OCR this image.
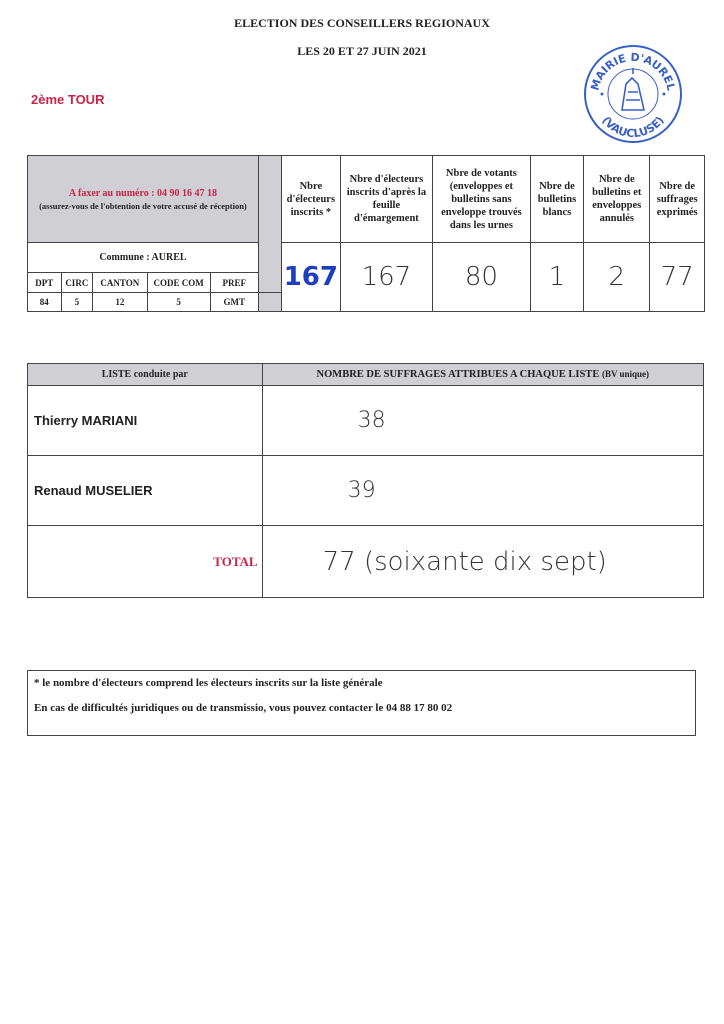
ELECTION DES CONSEILLERS REGIONAUX
LES 20 ET 27 JUIN 2021
2ème TOUR
MAIRIE D'AUREL
(VAUCLUSE)
A faxer au numéro : 04 90 16 47 18
(assurez-vous de l'obtention de votre accusé de réception)						Nbre d'électeurs inscrits *	Nbre d'électeurs inscrits d'après la feuille d'émargement	Nbre de votants (enveloppes et bulletins sans enveloppe trouvés dans les urnes	Nbre de bulletins blancs	Nbre de bulletins et enveloppes annulés	Nbre de suffrages exprimés
Commune : AUREL						167	167	80	1	2	77
DPT	CIRC	CANTON	CODE COM	PREF							
84	5	12	5	GMT							
LISTE conduite par	NOMBRE DE SUFFRAGES ATTRIBUES A CHAQUE LISTE (BV unique)
Thierry MARIANI	38
Renaud MUSELIER	39
TOTAL	77 (soixante dix sept)
* le nombre d'électeurs comprend les électeurs inscrits sur la liste générale
En cas de difficultés juridiques ou de transmissio, vous pouvez contacter le 04 88 17 80 02
